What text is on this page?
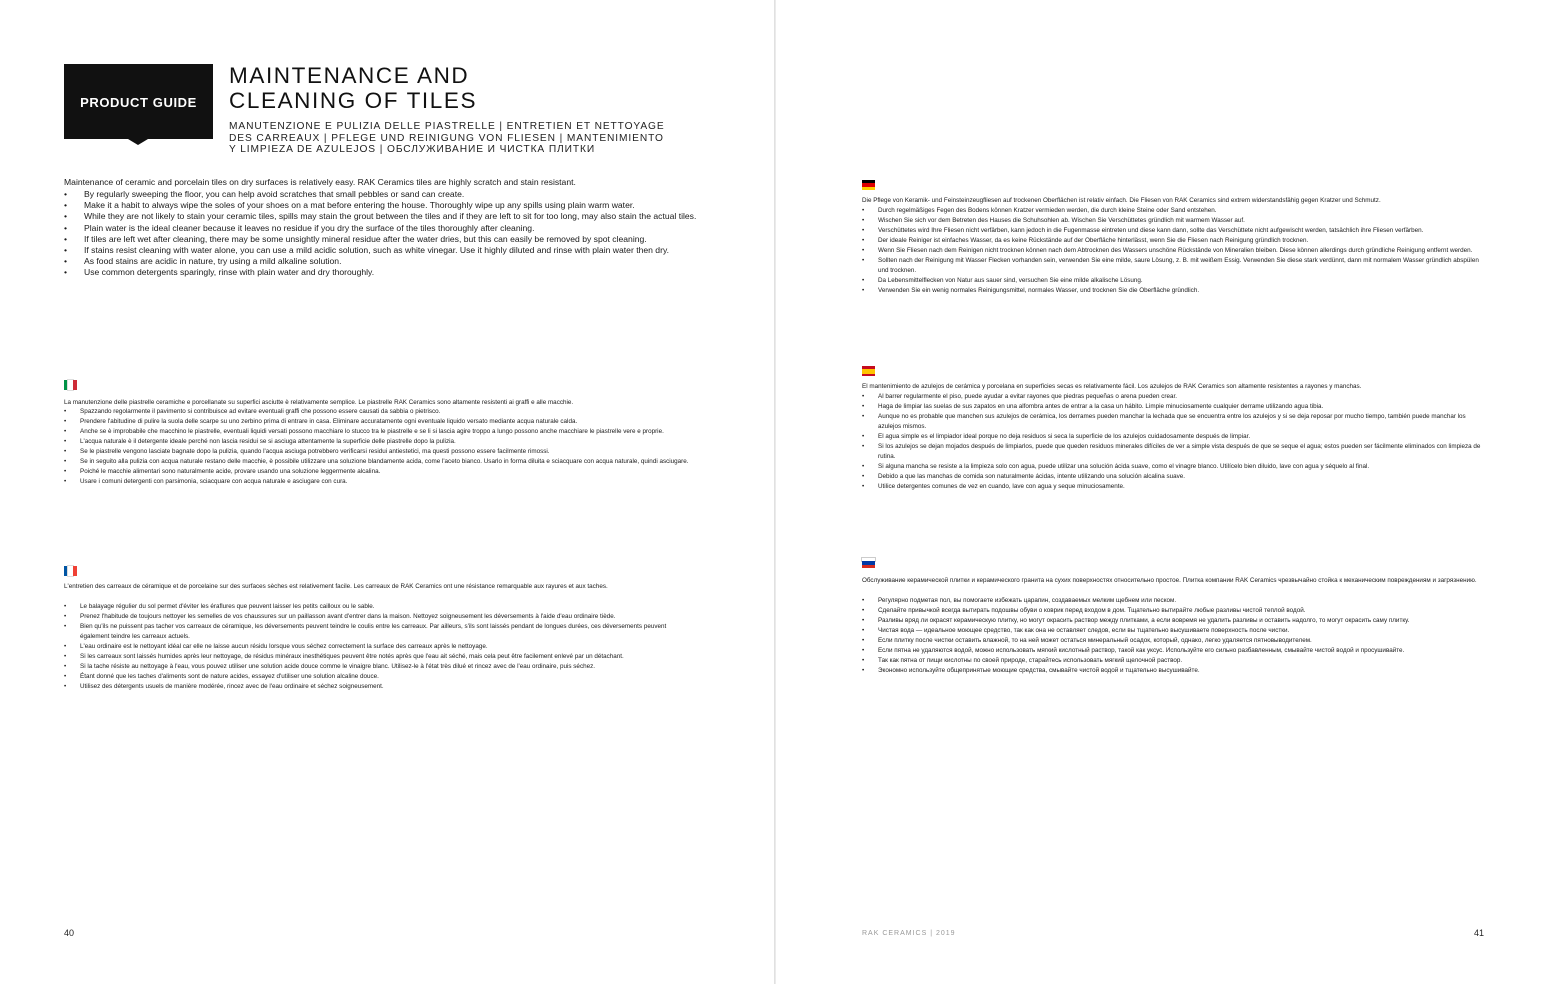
PRODUCT GUIDE
MAINTENANCE AND
CLEANING OF TILES

MANUTENZIONE E PULIZIA DELLE PIASTRELLE | ENTRETIEN ET NETTOYAGE DES CARREAUX | PFLEGE UND REINIGUNG VON FLIESEN | MANTENIMIENTO Y LIMPIEZA DE AZULEJOS | ОБСЛУЖИВАНИЕ И ЧИСТКА ПЛИТКИ

Maintenance of ceramic and porcelain tiles on dry surfaces is relatively easy. RAK Ceramics tiles are highly scratch and stain resistant.

• By regularly sweeping the floor, you can help avoid scratches that small pebbles or sand can create.
• Make it a habit to always wipe the soles of your shoes on a mat before entering the house. Thoroughly wipe up any spills using plain warm water.
• While they are not likely to stain your ceramic tiles, spills may stain the grout between the tiles and if they are left to sit for too long, may also stain the actual tiles.
• Plain water is the ideal cleaner because it leaves no residue if you dry the surface of the tiles thoroughly after cleaning.
• If tiles are left wet after cleaning, there may be some unsightly mineral residue after the water dries, but this can easily be removed by spot cleaning.
• If stains resist cleaning with water alone, you can use a mild acidic solution, such as white vinegar. Use it highly diluted and rinse with plain water then dry.
• As food stains are acidic in nature, try using a mild alkaline solution.
• Use common detergents sparingly, rinse with plain water and dry thoroughly.

La manutenzione delle piastrelle ceramiche e porcellanate su superfici asciutte è relativamente semplice. Le piastrelle RAK Ceramics sono altamente resistenti ai graffi e alle macchie.

• Spazzando regolarmente il pavimento si contribuisce ad evitare eventuali graffi che possono essere causati da sabbia o pietrisco.
• Prendere l'abitudine di pulire la suola delle scarpe su uno zerbino prima di entrare in casa. Eliminare accuratamente ogni eventuale liquido versato mediante acqua naturale calda.
• Anche se è improbabile che macchino le piastrelle, eventuali liquidi versati possono macchiare lo stucco tra le piastrelle e se li si lascia agire troppo a lungo possono anche macchiare le piastrelle vere e proprie.
• L'acqua naturale è il detergente ideale perché non lascia residui se si asciuga attentamente la superficie delle piastrelle dopo la pulizia.
• Se le piastrelle vengono lasciate bagnate dopo la pulizia, quando l'acqua asciuga potrebbero verificarsi residui antiestetici, ma questi possono essere facilmente rimossi.
• Se in seguito alla pulizia con acqua naturale restano delle macchie, è possibile utilizzare una soluzione blandamente acida, come l'aceto bianco. Usarlo in forma diluita e sciacquare con acqua naturale, quindi asciugare.
• Poiché le macchie alimentari sono naturalmente acide, provare usando una soluzione leggermente alcalina.
• Usare i comuni detergenti con parsimonia, sciacquare con acqua naturale e asciugare con cura.

L'entretien des carreaux de céramique et de porcelaine sur des surfaces sèches est relativement facile. Les carreaux de RAK Ceramics ont une résistance remarquable aux rayures et aux taches.

• Le balayage régulier du sol permet d'éviter les éraflures que peuvent laisser les petits cailloux ou le sable.
• Prenez l'habitude de toujours nettoyer les semelles de vos chaussures sur un paillasson avant d'entrer dans la maison. Nettoyez soigneusement les déversements à l'aide d'eau ordinaire tiède.
• Bien qu'ils ne puissent pas tacher vos carreaux de céramique, les déversements peuvent teindre le coulis entre les carreaux. Par ailleurs, s'ils sont laissés pendant de longues durées, ces déversements peuvent également teindre les carreaux actuels.
• L'eau ordinaire est le nettoyant idéal car elle ne laisse aucun résidu lorsque vous séchez correctement la surface des carreaux après le nettoyage.
• Si les carreaux sont laissés humides après leur nettoyage, de résidus minéraux inesthétiques peuvent être notés après que l'eau ait séché, mais cela peut être facilement enlevé par un détachant.
• Si la tache résiste au nettoyage à l'eau, vous pouvez utiliser une solution acide douce comme le vinaigre blanc. Utilisez-le à l'état très dilué et rincez avec de l'eau ordinaire, puis séchez.
• Étant donné que les taches d'aliments sont de nature acides, essayez d'utiliser une solution alcaline douce.
• Utilisez des détergents usuels de manière modérée, rincez avec de l'eau ordinaire et séchez soigneusement.
40

Die Pflege von Keramik- und Feinsteinzeugfliesen auf trockenen Oberflächen ist relativ einfach. Die Fliesen von RAK Ceramics sind extrem widerstandsfähig gegen Kratzer und Schmutz.

• Durch regelmäßiges Fegen des Bodens können Kratzer vermieden werden, die durch kleine Steine oder Sand entstehen.
• Wischen Sie sich vor dem Betreten des Hauses die Schuhsohlen ab. Wischen Sie Verschüttetes gründlich mit warmem Wasser auf.
• Verschüttetes wird Ihre Fliesen nicht verfärben, kann jedoch in die Fugenmasse eintreten und diese kann dann, sollte das Verschüttete nicht aufgewischt werden, tatsächlich ihre Fliesen verfärben.
• Der ideale Reiniger ist einfaches Wasser, da es keine Rückstände auf der Oberfläche hinterlässt, wenn Sie die Fliesen nach Reinigung gründlich trocknen.
• Wenn Sie Fliesen nach dem Reinigen nicht trocknen können nach dem Abtrocknen des Wassers unschöne Rückstände von Mineralien bleiben. Diese können allerdings durch gründliche Reinigung entfernt werden.
• Sollten nach der Reinigung mit Wasser Flecken vorhanden sein, verwenden Sie eine milde, saure Lösung, z. B. mit weißem Essig. Verwenden Sie diese stark verdünnt, dann mit normalem Wasser gründlich abspülen und trocknen.
• Da Lebensmittelflecken von Natur aus sauer sind, versuchen Sie eine milde alkalische Lösung.
• Verwenden Sie ein wenig normales Reinigungsmittel, normales Wasser, und trocknen Sie die Oberfläche gründlich.

El mantenimiento de azulejos de cerámica y porcelana en superficies secas es relativamente fácil. Los azulejos de RAK Ceramics son altamente resistentes a rayones y manchas.

• Al barrer regularmente el piso, puede ayudar a evitar rayones que piedras pequeñas o arena pueden crear.
• Haga de limpiar las suelas de sus zapatos en una alfombra antes de entrar a la casa un hábito. Limpie minuciosamente cualquier derrame utilizando agua tibia.
• Aunque no es probable que manchen sus azulejos de cerámica, los derrames pueden manchar la lechada que se encuentra entre los azulejos y si se deja reposar por mucho tiempo, también puede manchar los azulejos mismos.
• El agua simple es el limpiador ideal porque no deja residuos si seca la superficie de los azulejos cuidadosamente después de limpiar.
• Si los azulejos se dejan mojados después de limpiarlos, puede que queden residuos minerales difíciles de ver a simple vista después de que se seque el agua; estos pueden ser fácilmente eliminados con limpieza de rutina.
• Si alguna mancha se resiste a la limpieza solo con agua, puede utilizar una solución ácida suave, como el vinagre blanco. Utilícelo bien diluido, lave con agua y séquelo al final.
• Debido a que las manchas de comida son naturalmente ácidas, intente utilizando una solución alcalina suave.
• Utilice detergentes comunes de vez en cuando, lave con agua y seque minuciosamente.

Обслуживание керамической плитки и керамического гранита на сухих поверхностях относительно простое. Плитка компании RAK Ceramics чрезвычайно стойка к механическим повреждениям и загрязнению.

• Регулярно подметая пол, вы помогаете избежать царапин, создаваемых мелким щебнем или песком.
• Сделайте привычкой всегда вытирать подошвы обуви о коврик перед входом в дом. Тщательно вытирайте любые разливы чистой теплой водой.
• Разливы вряд ли окрасят керамическую плитку, но могут окрасить раствор между плитками, а если вовремя не удалить разливы и оставить надолго, то могут окрасить саму плитку.
• Чистая вода — идеальное моющее средство, так как она не оставляет следов, если вы тщательно высушиваете поверхность после чистки.
• Если плитку после чистки оставить влажной, то на ней может остаться минеральный осадок, который, однако, легко удаляется пятновыводителем.
• Если пятна не удаляются водой, можно использовать мягкий кислотный раствор, такой как уксус. Используйте его сильно разбавленным, смывайте чистой водой и просушивайте.
• Так как пятна от пищи кислотны по своей природе, старайтесь использовать мягкий щелочной раствор.
• Экономно используйте общепринятые моющие средства, смывайте чистой водой и тщательно высушивайте.
RAK CERAMICS | 2019	41
